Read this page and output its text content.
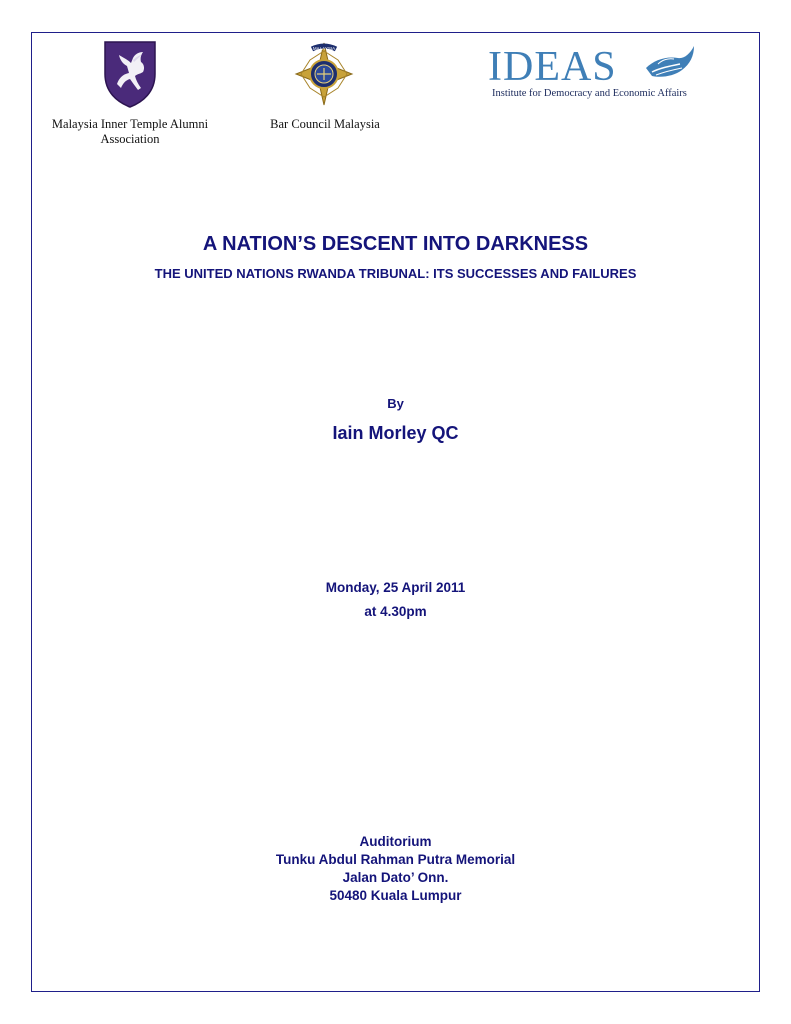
MALAYSIA	IDEAS
Institute for Democracy and Economic Affairs
Malaysia Inner Temple Alumni
Association
Bar Council Malaysia
A NATION’S DESCENT INTO DARKNESS
THE UNITED NATIONS RWANDA TRIBUNAL: ITS SUCCESSES AND FAILURES
By
Iain Morley QC
Monday, 25 April 2011
at 4.30pm
Auditorium
Tunku Abdul Rahman Putra Memorial
Jalan Dato’ Onn.
50480 Kuala Lumpur
